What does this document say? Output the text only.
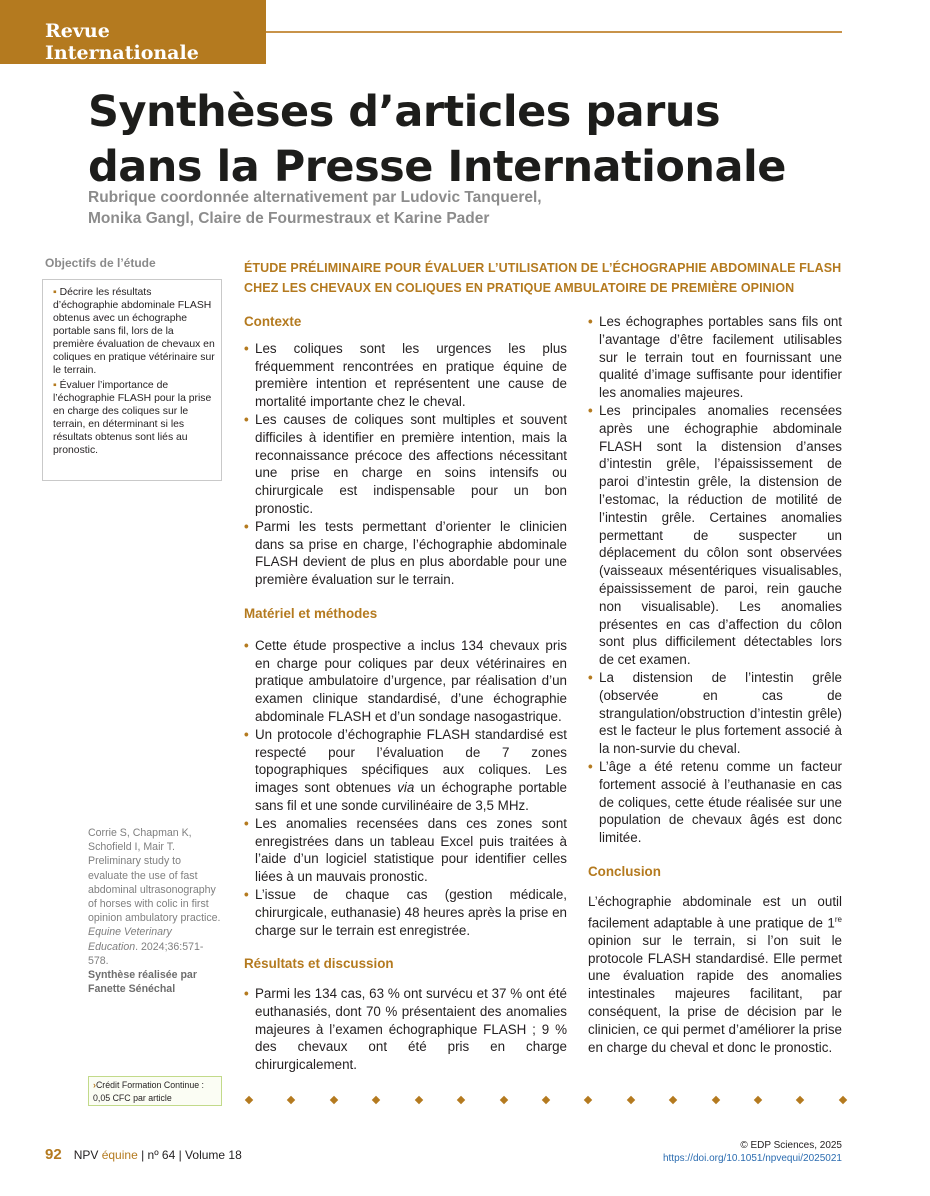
Revue Internationale
Synthèses d’articles parus
dans la Presse Internationale
Rubrique coordonnée alternativement par Ludovic Tanquerel,
Monika Gangl, Claire de Fourmestraux et Karine Pader
Objectifs de l’étude
▪ Décrire les résultats d’échographie abdominale FLASH obtenus avec un échographe portable sans fil, lors de la première évaluation de chevaux en coliques en pratique vétérinaire sur le terrain.
▪ Évaluer l’importance de l’échographie FLASH pour la prise en charge des coliques sur le terrain, en déterminant si les résultats obtenus sont liés au pronostic.
Corrie S, Chapman K, Schofield I, Mair T. Preliminary study to evaluate the use of fast abdominal ultrasonography of horses with colic in first opinion ambulatory practice. Equine Veterinary Education. 2024;36:571-578.
Synthèse réalisée par Fanette Sénéchal
›Crédit Formation Continue :
0,05 CFC par article
ÉTUDE PRÉLIMINAIRE POUR ÉVALUER L’UTILISATION DE L’ÉCHOGRAPHIE ABDOMINALE FLASH
CHEZ LES CHEVAUX EN COLIQUES EN PRATIQUE AMBULATOIRE DE PREMIÈRE OPINION
Contexte
• Les coliques sont les urgences les plus fréquemment rencontrées en pratique équine de première intention et représentent une cause de mortalité importante chez le cheval.
• Les causes de coliques sont multiples et souvent difficiles à identifier en première intention, mais la reconnaissance précoce des affections nécessitant une prise en charge en soins intensifs ou chirurgicale est indispensable pour un bon pronostic.
• Parmi les tests permettant d’orienter le clinicien dans sa prise en charge, l’échographie abdominale FLASH devient de plus en plus abordable pour une première évaluation sur le terrain.
Matériel et méthodes
• Cette étude prospective a inclus 134 chevaux pris en charge pour coliques par deux vétérinaires en pratique ambulatoire d’urgence, par réalisation d’un examen clinique standardisé, d’une échographie abdominale FLASH et d’un sondage nasogastrique.
• Un protocole d’échographie FLASH standardisé est respecté pour l’évaluation de 7 zones topographiques spécifiques aux coliques. Les images sont obtenues via un échographe portable sans fil et une sonde curvilinéaire de 3,5 MHz.
• Les anomalies recensées dans ces zones sont enregistrées dans un tableau Excel puis traitées à l’aide d’un logiciel statistique pour identifier celles liées à un mauvais pronostic.
• L’issue de chaque cas (gestion médicale, chirurgicale, euthanasie) 48 heures après la prise en charge sur le terrain est enregistrée.
Résultats et discussion
• Parmi les 134 cas, 63 % ont survécu et 37 % ont été euthanasiés, dont 70 % présentaient des anomalies majeures à l’examen échographique FLASH ; 9 % des chevaux ont été pris en charge chirurgicalement.
• Les échographes portables sans fils ont l’avantage d’être facilement utilisables sur le terrain tout en fournissant une qualité d’image suffisante pour identifier les anomalies majeures.
• Les principales anomalies recensées après une échographie abdominale FLASH sont la distension d’anses d’intestin grêle, l’épaississement de paroi d’intestin grêle, la distension de l’estomac, la réduction de motilité de l’intestin grêle. Certaines anomalies permettant de suspecter un déplacement du côlon sont observées (vaisseaux mésentériques visualisables, épaississement de paroi, rein gauche non visualisable). Les anomalies présentes en cas d’affection du côlon sont plus difficilement détectables lors de cet examen.
• La distension de l’intestin grêle (observée en cas de strangulation/obstruction d’intestin grêle) est le facteur le plus fortement associé à la non-survie du cheval.
• L’âge a été retenu comme un facteur fortement associé à l’euthanasie en cas de coliques, cette étude réalisée sur une population de chevaux âgés est donc limitée.
Conclusion
L’échographie abdominale est un outil facilement adaptable à une pratique de 1re opinion sur le terrain, si l’on suit le protocole FLASH standardisé. Elle permet une évaluation rapide des anomalies intestinales majeures facilitant, par conséquent, la prise de décision par le clinicien, ce qui permet d’améliorer la prise en charge du cheval et donc le pronostic.
92 NPV équine | nº 64 | Volume 18
© EDP Sciences, 2025
https://doi.org/10.1051/npvequi/2025021
